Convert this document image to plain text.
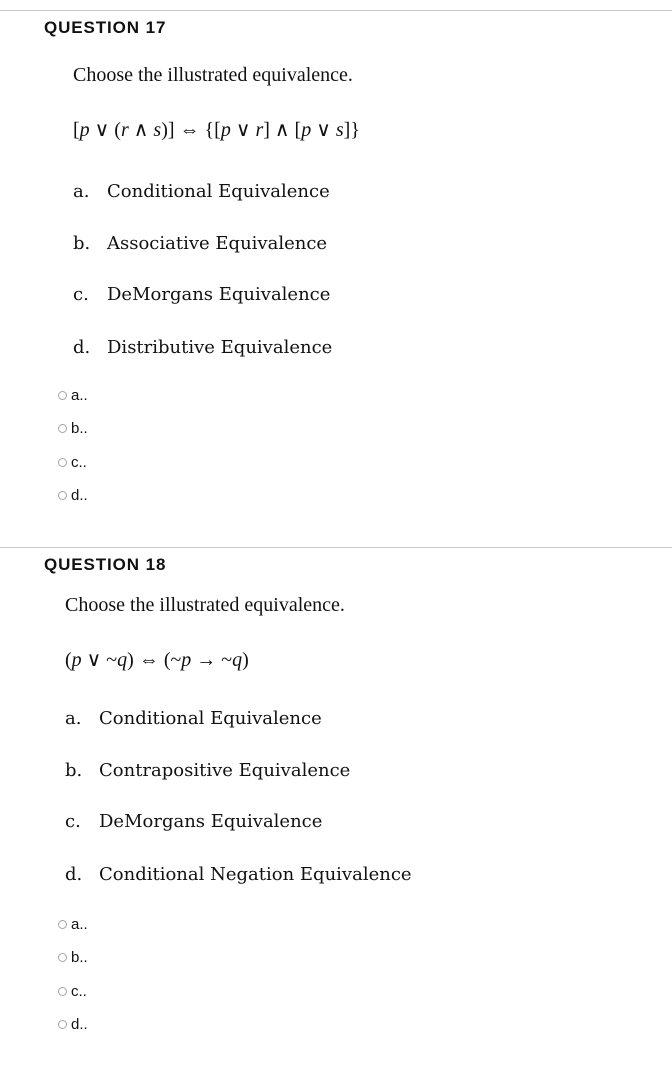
QUESTION 17
Choose the illustrated equivalence.
[p ∨ (r ∧ s)] ⇔ {[p ∨ r] ∧ [p ∨ s]}
a. Conditional Equivalence
b. Associative Equivalence
c. DeMorgans Equivalence
d. Distributive Equivalence
a..
b..
c..
d..
QUESTION 18
Choose the illustrated equivalence.
(p ∨ ~q) ⇔ (~p → ~q)
a. Conditional Equivalence
b. Contrapositive Equivalence
c. DeMorgans Equivalence
d. Conditional Negation Equivalence
a..
b..
c..
d..
